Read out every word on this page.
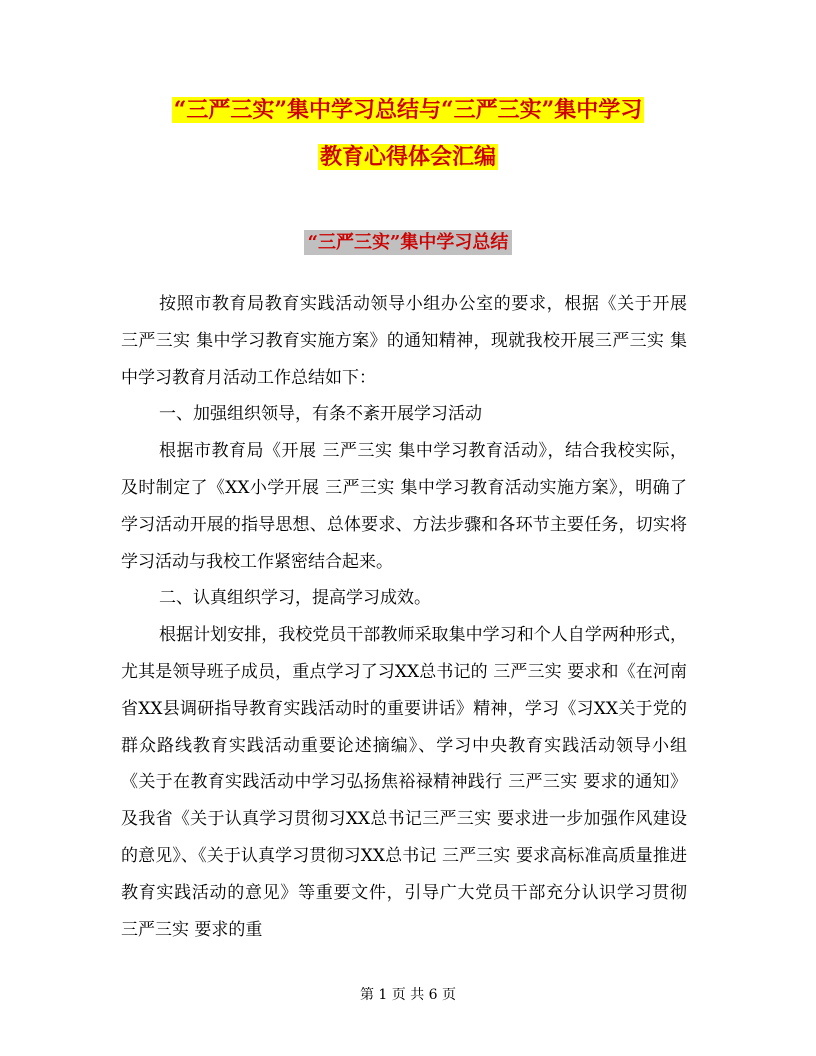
“三严三实”集中学习总结与“三严三实”集中学习
教育心得体会汇编
“三严三实”集中学习总结

按照市教育局教育实践活动领导小组办公室的要求，根据《关于开展 三严三实 集中学习教育实施方案》的通知精神，现就我校开展三严三实 集中学习教育月活动工作总结如下：

一、加强组织领导，有条不紊开展学习活动

根据市教育局《开展 三严三实 集中学习教育活动》，结合我校实际，及时制定了《XX小学开展 三严三实 集中学习教育活动实施方案》，明确了学习活动开展的指导思想、总体要求、方法步骤和各环节主要任务，切实将学习活动与我校工作紧密结合起来。

二、认真组织学习，提高学习成效。

根据计划安排，我校党员干部教师采取集中学习和个人自学两种形式，尤其是领导班子成员，重点学习了习XX总书记的 三严三实 要求和《在河南省XX县调研指导教育实践活动时的重要讲话》精神，学习《习XX关于党的群众路线教育实践活动重要论述摘编》、学习中央教育实践活动领导小组《关于在教育实践活动中学习弘扬焦裕禄精神践行 三严三实 要求的通知》及我省《关于认真学习贯彻习XX总书记三严三实 要求进一步加强作风建设的意见》、《关于认真学习贯彻习XX总书记 三严三实 要求高标准高质量推进教育实践活动的意见》等重要文件，引导广大党员干部充分认识学习贯彻 三严三实 要求的重

第 1 页 共 6 页
